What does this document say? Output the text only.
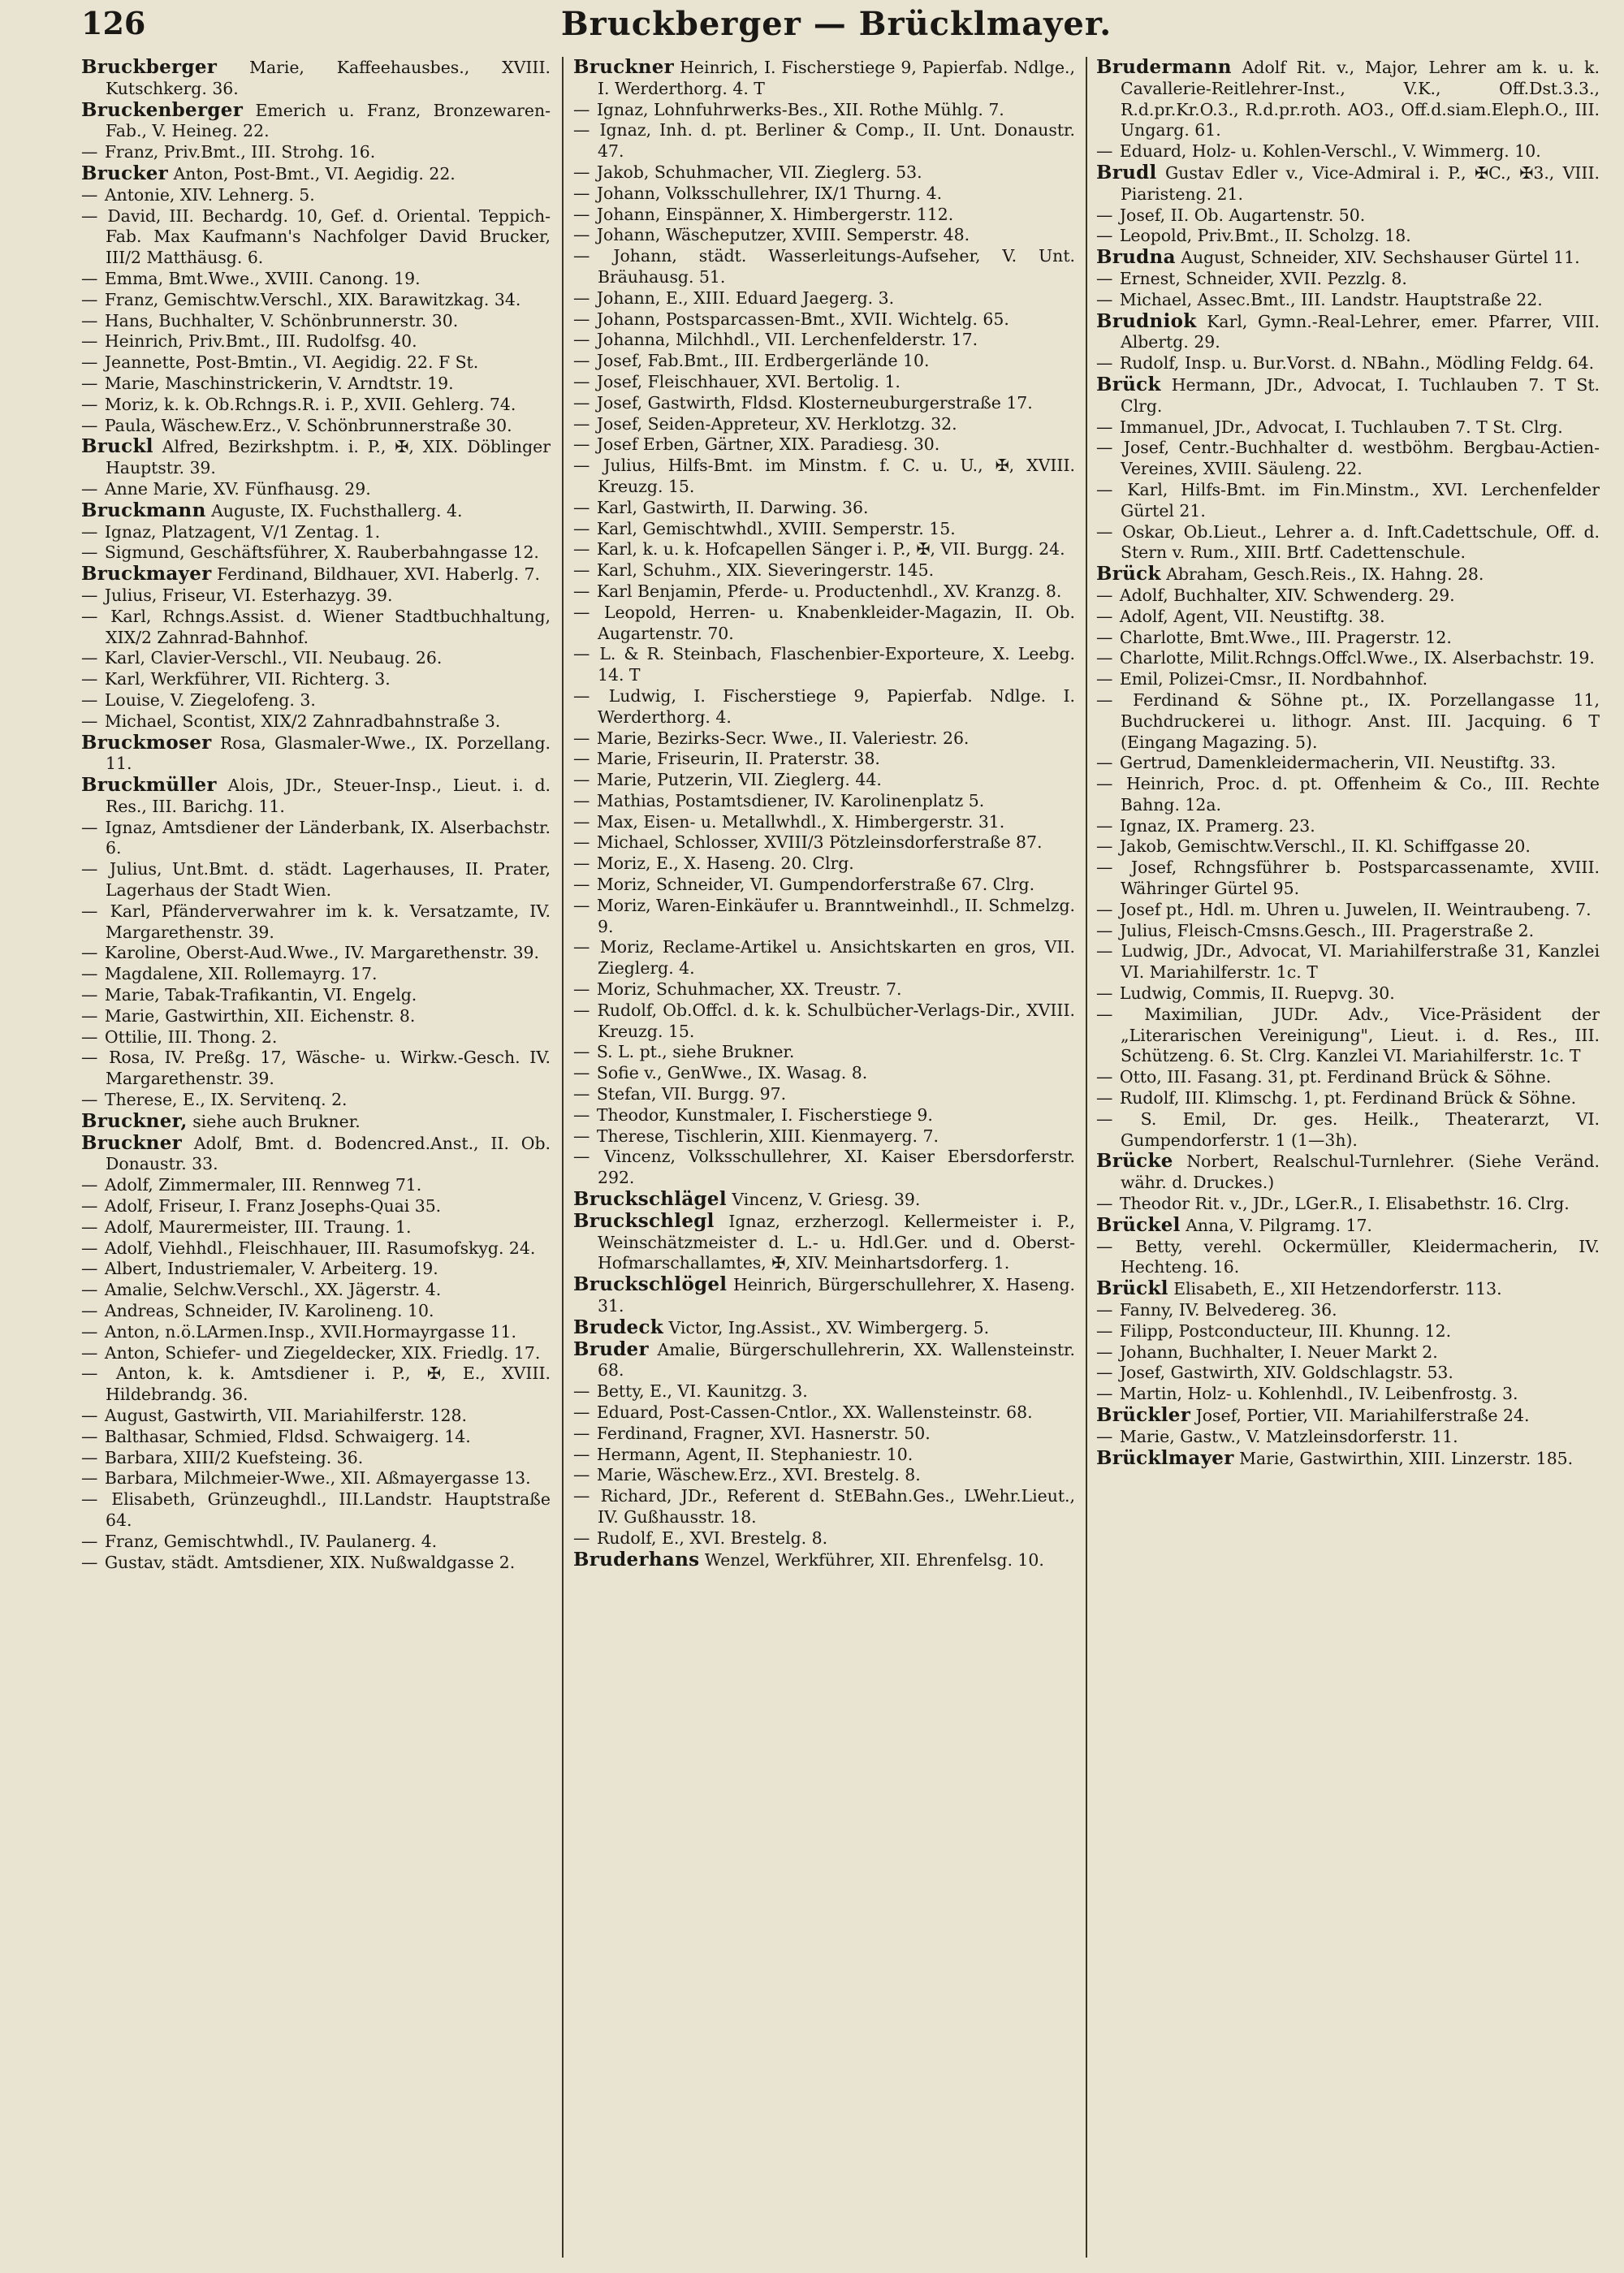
126	Bruckberger — Brücklmayer.

Bruckberger Marie, Kaffeehausbes., XVIII. Kutschkerg. 36.

Bruckenberger Emerich u. Franz, Bronzewaren-Fab., V. Heineg. 22.

— Franz, Priv.Bmt., III. Strohg. 16.

Brucker Anton, Post-Bmt., VI. Aegidig. 22.

— Antonie, XIV. Lehnerg. 5.

— David, III. Bechardg. 10, Gef. d. Oriental. Teppich-Fab. Max Kaufmann's Nachfolger David Brucker, III/2 Matthäusg. 6.

— Emma, Bmt.Wwe., XVIII. Canong. 19.

— Franz, Gemischtw.Verschl., XIX. Barawitzkag. 34.

— Hans, Buchhalter, V. Schönbrunnerstr. 30.

— Heinrich, Priv.Bmt., III. Rudolfsg. 40.

— Jeannette, Post-Bmtin., VI. Aegidig. 22. F St.

— Marie, Maschinstrickerin, V. Arndtstr. 19.

— Moriz, k. k. Ob.Rchngs.R. i. P., XVII. Gehlerg. 74.

— Paula, Wäschew.Erz., V. Schönbrunnerstraße 30.

Bruckl Alfred, Bezirkshptm. i. P., ✠, XIX. Döblinger Hauptstr. 39.

— Anne Marie, XV. Fünfhausg. 29.

Bruckmann Auguste, IX. Fuchsthallerg. 4.

— Ignaz, Platzagent, V/1 Zentag. 1.

— Sigmund, Geschäftsführer, X. Rauberbahngasse 12.

Bruckmayer Ferdinand, Bildhauer, XVI. Haberlg. 7.

— Julius, Friseur, VI. Esterhazyg. 39.

— Karl, Rchngs.Assist. d. Wiener Stadtbuchhaltung, XIX/2 Zahnrad-Bahnhof.

— Karl, Clavier-Verschl., VII. Neubaug. 26.

— Karl, Werkführer, VII. Richterg. 3.

— Louise, V. Ziegelofeng. 3.

— Michael, Scontist, XIX/2 Zahnradbahnstraße 3.

Bruckmoser Rosa, Glasmaler-Wwe., IX. Porzellang. 11.

Bruckmüller Alois, JDr., Steuer-Insp., Lieut. i. d. Res., III. Barichg. 11.

— Ignaz, Amtsdiener der Länderbank, IX. Alserbachstr. 6.

— Julius, Unt.Bmt. d. städt. Lagerhauses, II. Prater, Lagerhaus der Stadt Wien.

— Karl, Pfänderverwahrer im k. k. Versatzamte, IV. Margarethenstr. 39.

— Karoline, Oberst-Aud.Wwe., IV. Margarethenstr. 39.

— Magdalene, XII. Rollemayrg. 17.

— Marie, Tabak-Trafikantin, VI. Engelg.

— Marie, Gastwirthin, XII. Eichenstr. 8.

— Ottilie, III. Thong. 2.

— Rosa, IV. Preßg. 17, Wäsche- u. Wirkw.-Gesch. IV. Margarethenstr. 39.

— Therese, E., IX. Servitenq. 2.

Bruckner, siehe auch Brukner.

Bruckner Adolf, Bmt. d. Bodencred.Anst., II. Ob. Donaustr. 33.

— Adolf, Zimmermaler, III. Rennweg 71.

— Adolf, Friseur, I. Franz Josephs-Quai 35.

— Adolf, Maurermeister, III. Traung. 1.

— Adolf, Viehhdl., Fleischhauer, III. Rasumofskyg. 24.

— Albert, Industriemaler, V. Arbeiterg. 19.

— Amalie, Selchw.Verschl., XX. Jägerstr. 4.

— Andreas, Schneider, IV. Karolineng. 10.

— Anton, n.ö.LArmen.Insp., XVII.Hormayrgasse 11.

— Anton, Schiefer- und Ziegeldecker, XIX. Friedlg. 17.

— Anton, k. k. Amtsdiener i. P., ✠, E., XVIII. Hildebrandg. 36.

— August, Gastwirth, VII. Mariahilferstr. 128.

— Balthasar, Schmied, Fldsd. Schwaigerg. 14.

— Barbara, XIII/2 Kuefsteing. 36.

— Barbara, Milchmeier-Wwe., XII. Aßmayergasse 13.

— Elisabeth, Grünzeughdl., III.Landstr. Hauptstraße 64.

— Franz, Gemischtwhdl., IV. Paulanerg. 4.

— Gustav, städt. Amtsdiener, XIX. Nußwaldgasse 2.

Bruckner Heinrich, I. Fischerstiege 9, Papierfab. Ndlge., I. Werderthorg. 4. T

— Ignaz, Lohnfuhrwerks-Bes., XII. Rothe Mühlg. 7.

— Ignaz, Inh. d. pt. Berliner & Comp., II. Unt. Donaustr. 47.

— Jakob, Schuhmacher, VII. Zieglerg. 53.

— Johann, Volksschullehrer, IX/1 Thurng. 4.

— Johann, Einspänner, X. Himbergerstr. 112.

— Johann, Wäscheputzer, XVIII. Semperstr. 48.

— Johann, städt. Wasserleitungs-Aufseher, V. Unt. Bräuhausg. 51.

— Johann, E., XIII. Eduard Jaegerg. 3.

— Johann, Postsparcassen-Bmt., XVII. Wichtelg. 65.

— Johanna, Milchhdl., VII. Lerchenfelderstr. 17.

— Josef, Fab.Bmt., III. Erdbergerlände 10.

— Josef, Fleischhauer, XVI. Bertolig. 1.

— Josef, Gastwirth, Fldsd. Klosterneuburgerstraße 17.

— Josef, Seiden-Appreteur, XV. Herklotzg. 32.

— Josef Erben, Gärtner, XIX. Paradiesg. 30.

— Julius, Hilfs-Bmt. im Minstm. f. C. u. U., ✠, XVIII. Kreuzg. 15.

— Karl, Gastwirth, II. Darwing. 36.

— Karl, Gemischtwhdl., XVIII. Semperstr. 15.

— Karl, k. u. k. Hofcapellen Sänger i. P., ✠, VII. Burgg. 24.

— Karl, Schuhm., XIX. Sieveringerstr. 145.

— Karl Benjamin, Pferde- u. Productenhdl., XV. Kranzg. 8.

— Leopold, Herren- u. Knabenkleider-Magazin, II. Ob. Augartenstr. 70.

— L. & R. Steinbach, Flaschenbier-Exporteure, X. Leebg. 14. T

— Ludwig, I. Fischerstiege 9, Papierfab. Ndlge. I. Werderthorg. 4.

— Marie, Bezirks-Secr. Wwe., II. Valeriestr. 26.

— Marie, Friseurin, II. Praterstr. 38.

— Marie, Putzerin, VII. Zieglerg. 44.

— Mathias, Postamtsdiener, IV. Karolinenplatz 5.

— Max, Eisen- u. Metallwhdl., X. Himbergerstr. 31.

— Michael, Schlosser, XVIII/3 Pötzleinsdorferstraße 87.

— Moriz, E., X. Haseng. 20. Clrg.

— Moriz, Schneider, VI. Gumpendorferstraße 67. Clrg.

— Moriz, Waren-Einkäufer u. Branntweinhdl., II. Schmelzg. 9.

— Moriz, Reclame-Artikel u. Ansichtskarten en gros, VII. Zieglerg. 4.

— Moriz, Schuhmacher, XX. Treustr. 7.

— Rudolf, Ob.Offcl. d. k. k. Schulbücher-Verlags-Dir., XVIII. Kreuzg. 15.

— S. L. pt., siehe Brukner.

— Sofie v., GenWwe., IX. Wasag. 8.

— Stefan, VII. Burgg. 97.

— Theodor, Kunstmaler, I. Fischerstiege 9.

— Therese, Tischlerin, XIII. Kienmayerg. 7.

— Vincenz, Volksschullehrer, XI. Kaiser Ebersdorferstr. 292.

Bruckschlägel Vincenz, V. Griesg. 39.

Bruckschlegl Ignaz, erzherzogl. Kellermeister i. P., Weinschätzmeister d. L.- u. Hdl.Ger. und d. Oberst-Hofmarschallamtes, ✠, XIV. Meinhartsdorferg. 1.

Bruckschlögel Heinrich, Bürgerschullehrer, X. Haseng. 31.

Brudeck Victor, Ing.Assist., XV. Wimbergerg. 5.

Bruder Amalie, Bürgerschullehrerin, XX. Wallensteinstr. 68.

— Betty, E., VI. Kaunitzg. 3.

— Eduard, Post-Cassen-Cntlor., XX. Wallensteinstr. 68.

— Ferdinand, Fragner, XVI. Hasnerstr. 50.

— Hermann, Agent, II. Stephaniestr. 10.

— Marie, Wäschew.Erz., XVI. Brestelg. 8.

— Richard, JDr., Referent d. StEBahn.Ges., LWehr.Lieut., IV. Gußhausstr. 18.

— Rudolf, E., XVI. Brestelg. 8.

Bruderhans Wenzel, Werkführer, XII. Ehrenfelsg. 10.

Brudermann Adolf Rit. v., Major, Lehrer am k. u. k. Cavallerie-Reitlehrer-Inst., V.K., Off.Dst.3.3., R.d.pr.Kr.O.3., R.d.pr.roth. AO3., Off.d.siam.Eleph.O., III. Ungarg. 61.

— Eduard, Holz- u. Kohlen-Verschl., V. Wimmerg. 10.

Brudl Gustav Edler v., Vice-Admiral i. P., ✠C., ✠3., VIII. Piaristeng. 21.

— Josef, II. Ob. Augartenstr. 50.

— Leopold, Priv.Bmt., II. Scholzg. 18.

Brudna August, Schneider, XIV. Sechshauser Gürtel 11.

— Ernest, Schneider, XVII. Pezzlg. 8.

— Michael, Assec.Bmt., III. Landstr. Hauptstraße 22.

Brudniok Karl, Gymn.-Real-Lehrer, emer. Pfarrer, VIII. Albertg. 29.

— Rudolf, Insp. u. Bur.Vorst. d. NBahn., Mödling Feldg. 64.

Brück Hermann, JDr., Advocat, I. Tuchlauben 7. T St. Clrg.

— Immanuel, JDr., Advocat, I. Tuchlauben 7. T St. Clrg.

— Josef, Centr.-Buchhalter d. westböhm. Bergbau-Actien-Vereines, XVIII. Säuleng. 22.

— Karl, Hilfs-Bmt. im Fin.Minstm., XVI. Lerchenfelder Gürtel 21.

— Oskar, Ob.Lieut., Lehrer a. d. Inft.Cadettschule, Off. d. Stern v. Rum., XIII. Brtf. Cadettenschule.

Brück Abraham, Gesch.Reis., IX. Hahng. 28.

— Adolf, Buchhalter, XIV. Schwenderg. 29.

— Adolf, Agent, VII. Neustiftg. 38.

— Charlotte, Bmt.Wwe., III. Pragerstr. 12.

— Charlotte, Milit.Rchngs.Offcl.Wwe., IX. Alserbachstr. 19.

— Emil, Polizei-Cmsr., II. Nordbahnhof.

— Ferdinand & Söhne pt., IX. Porzellangasse 11, Buchdruckerei u. lithogr. Anst. III. Jacquing. 6 T (Eingang Magazing. 5).

— Gertrud, Damenkleidermacherin, VII. Neustiftg. 33.

— Heinrich, Proc. d. pt. Offenheim & Co., III. Rechte Bahng. 12a.

— Ignaz, IX. Pramerg. 23.

— Jakob, Gemischtw.Verschl., II. Kl. Schiffgasse 20.

— Josef, Rchngsführer b. Postsparcassenamte, XVIII. Währinger Gürtel 95.

— Josef pt., Hdl. m. Uhren u. Juwelen, II. Weintraubeng. 7.

— Julius, Fleisch-Cmsns.Gesch., III. Pragerstraße 2.

— Ludwig, JDr., Advocat, VI. Mariahilferstraße 31, Kanzlei VI. Mariahilferstr. 1c. T

— Ludwig, Commis, II. Ruepvg. 30.

— Maximilian, JUDr. Adv., Vice-Präsident der „Literarischen Vereinigung", Lieut. i. d. Res., III. Schützeng. 6. St. Clrg. Kanzlei VI. Mariahilferstr. 1c. T

— Otto, III. Fasang. 31, pt. Ferdinand Brück & Söhne.

— Rudolf, III. Klimschg. 1, pt. Ferdinand Brück & Söhne.

— S. Emil, Dr. ges. Heilk., Theaterarzt, VI. Gumpendorferstr. 1 (1—3h).

Brücke Norbert, Realschul-Turnlehrer. (Siehe Veränd. währ. d. Druckes.)

— Theodor Rit. v., JDr., LGer.R., I. Elisabethstr. 16. Clrg.

Brückel Anna, V. Pilgramg. 17.

— Betty, verehl. Ockermüller, Kleidermacherin, IV. Hechteng. 16.

Brückl Elisabeth, E., XII Hetzendorferstr. 113.

— Fanny, IV. Belvedereg. 36.

— Filipp, Postconducteur, III. Khunng. 12.

— Johann, Buchhalter, I. Neuer Markt 2.

— Josef, Gastwirth, XIV. Goldschlagstr. 53.

— Martin, Holz- u. Kohlenhdl., IV. Leibenfrostg. 3.

Brückler Josef, Portier, VII. Mariahilferstraße 24.

— Marie, Gastw., V. Matzleinsdorferstr. 11.

Brücklmayer Marie, Gastwirthin, XIII. Linzerstr. 185.
